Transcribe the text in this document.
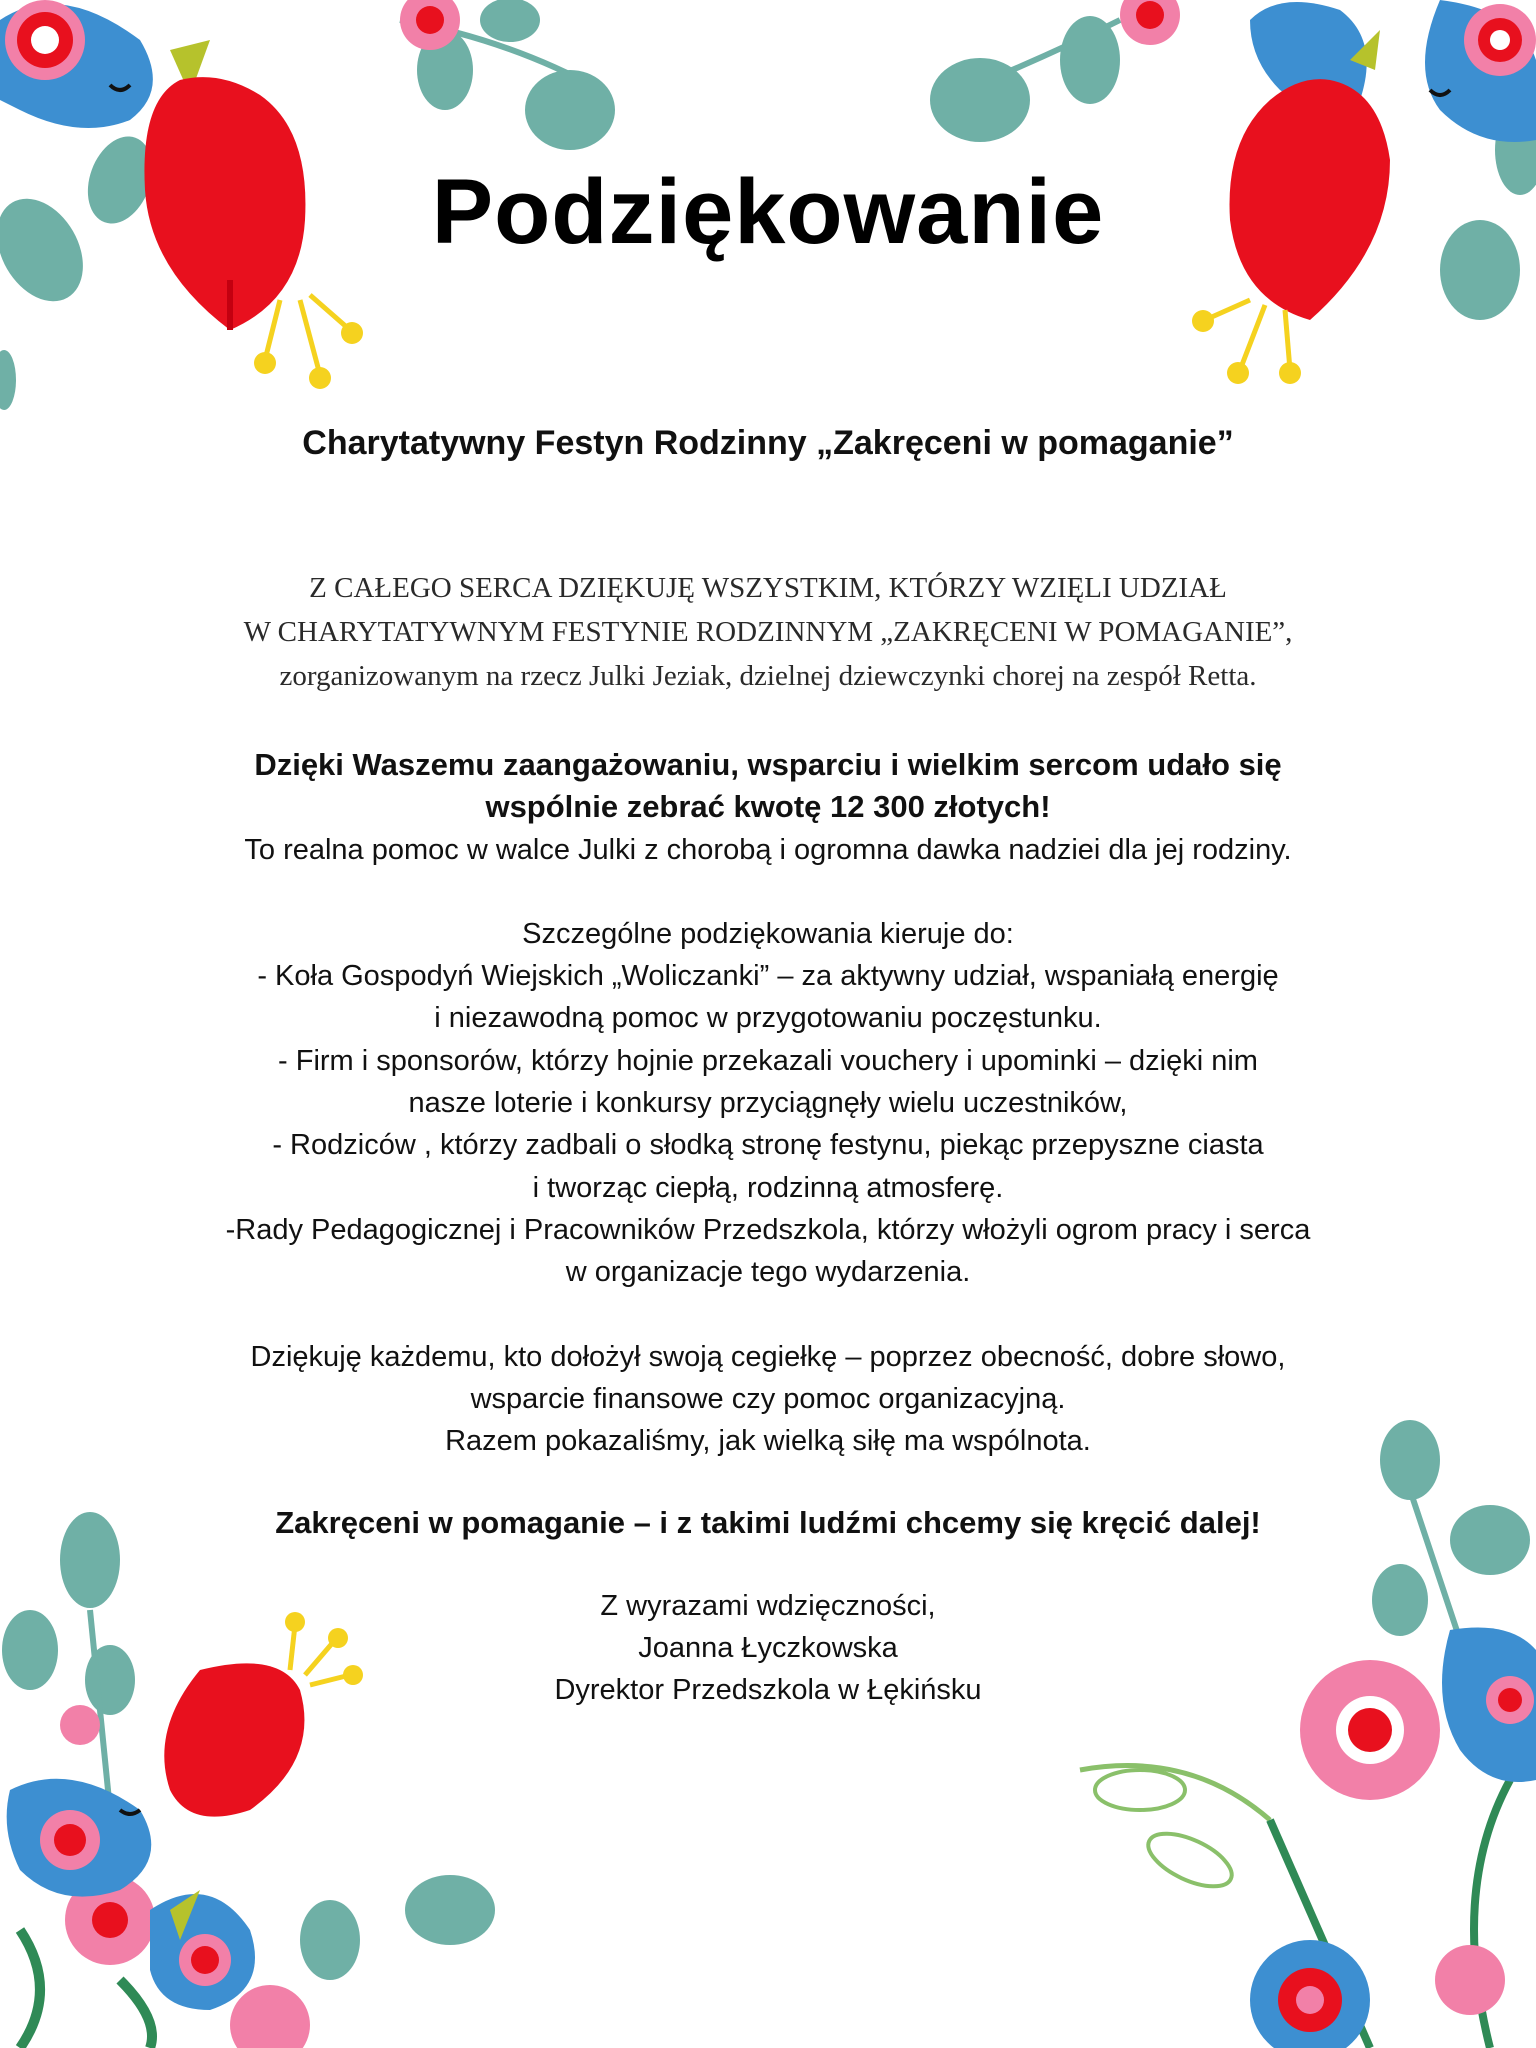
Podziękowanie
Charytatywny Festyn Rodzinny „Zakręceni w pomaganie”
Z CAŁEGO SERCA DZIĘKUJĘ WSZYSTKIM, KTÓRZY WZIĘLI UDZIAŁ
W CHARYTATYWNYM FESTYNIE RODZINNYM „ZAKRĘCENI W POMAGANIE”,
zorganizowanym na rzecz Julki Jeziak, dzielnej dziewczynki chorej na zespół Retta.
Dzięki Waszemu zaangażowaniu, wsparciu i wielkim sercom udało się
wspólnie zebrać kwotę 12 300 złotych!
To realna pomoc w walce Julki z chorobą i ogromna dawka nadziei dla jej rodziny.
Szczególne podziękowania kieruje do:
- Koła Gospodyń Wiejskich „Woliczanki” – za aktywny udział, wspaniałą energię
i niezawodną pomoc w przygotowaniu poczęstunku.
- Firm i sponsorów, którzy hojnie przekazali vouchery i upominki – dzięki nim
nasze loterie i konkursy przyciągnęły wielu uczestników,
- Rodziców , którzy zadbali o słodką stronę festynu, piekąc przepyszne ciasta
i tworząc ciepłą, rodzinną atmosferę.
-Rady Pedagogicznej i Pracowników Przedszkola, którzy włożyli ogrom pracy i serca
w organizacje tego wydarzenia.
Dziękuję każdemu, kto dołożył swoją cegiełkę – poprzez obecność, dobre słowo,
wsparcie finansowe czy pomoc organizacyjną.
Razem pokazaliśmy, jak wielką siłę ma wspólnota.
Zakręceni w pomaganie – i z takimi ludźmi chcemy się kręcić dalej!
Z wyrazami wdzięczności,
Joanna Łyczkowska
Dyrektor Przedszkola w Łękińsku
